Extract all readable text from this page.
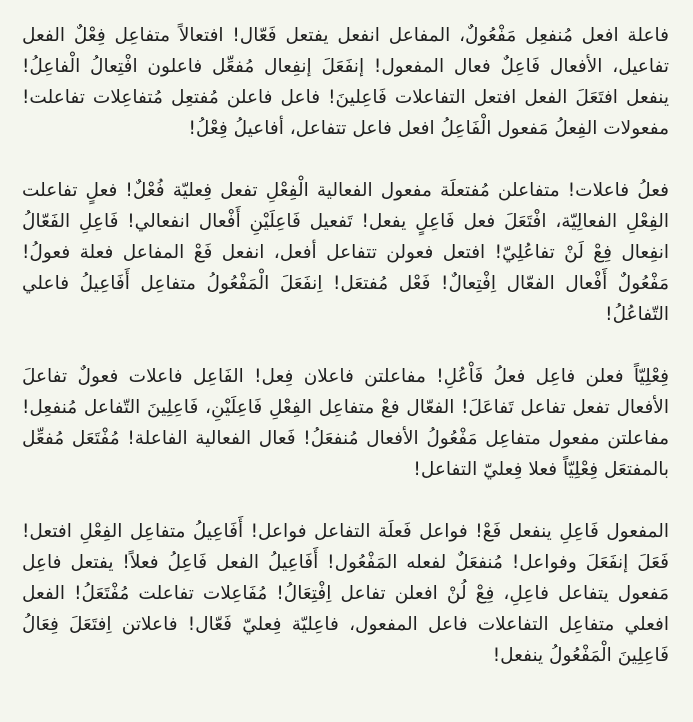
فاعلة افعل مُنفعِل مَفْعُولٌ، المفاعل انفعل يفتعل فَعّال! افتعالاً متفاعِل فِعْلٌ الفعل تفاعيل، الأفعال فَاعِلٌ فعال المفعول! إنفَعَلَ إنفِعال مُفعِّل فاعلون افْتِعالُ الْفاعِلُ! ينفعل افتَعَلَ الفعل افتعل التفاعلات فَاعِلينَ! فاعل فاعلن مُفتعِل مُتفاعِلات تفاعلت! مفعولات الفِعلُ مَفعول الْفَاعِلُ افعل فاعل تتفاعل، أفاعيلُ فِعْلُ!

فعلُ فاعلات! متفاعلن مُفتعلَة مفعول الفعالية الْفِعْلِ تفعل فِعليّة فُعْلٌ! فعلٍ تفاعلت الفِعْلِ الفعالِيّة، افْتَعَلَ فعل فَاعِلٍ يفعل! تَفعيل فَاعِلَيْنِ أَفْعال انفعالي! فَاعِلِ الفَعّالُ انفِعال فِعْ لَنْ تفاعُلِيّ! افتعل فعولن تتفاعل أفعل، انفعل فَعْ المفاعل فعلة فعولُ! مَفْعُولٌ أَفْعال الفعّال اِفْتِعالٌ! فَعْل مُفتعَل! اِنفَعَلَ الْمَفْعُولُ متفاعِل أَفَاعِيلُ فاعلي التّفاعُلُ!

فِعْلِيّاً فعلن فاعِل فعلُ فَاْعُلِ! مفاعلتن فاعلان فِعل! الفَاعِل فاعلات فعولٌ تفاعلَ الأفعال تفعل تفاعل تَفاعَلَ! الفعّال فعْ متفاعِل الفِعْلِ فَاعِلَيْنِ، فَاعِلِينَ التّفاعل مُنفعِل! مفاعلتن مفعول متفاعِل مَفْعُولُ الأفعال مُنفعَلُ! فَعال الفعالية الفاعلة! مُفْتَعَل مُفعِّل بالمفتعَل فِعْلِيّاً فعلا فِعليّ التفاعل!

المفعول فَاعِلِ ينفعل فَعْ! فواعل فَعلَة التفاعل فواعل! أَفَاعِيلُ متفاعِل الفِعْلِ افتعل! فَعَلَ إنفَعَلَ وفواعل! مُنفعَلٌ لفعله المَفْعُول! أَفَاعِيلُ الفعل فَاعِلُ فعلاً! يفتعل فاعِل مَفعول يتفاعل فاعِلِ، فِعْ لُنْ افعلن تفاعل اِفْتِعَالُ! مُفَاعِلات تفاعلت مُفْتَعَلُ! الفعل افعلي متفاعِل التفاعلات فاعل المفعول، فاعِليّة فِعليّ فَعّال! فاعلاتن اِفتَعَلَ فِعَالُ فَاعِلِينَ الْمَفْعُولُ ينفعل!
